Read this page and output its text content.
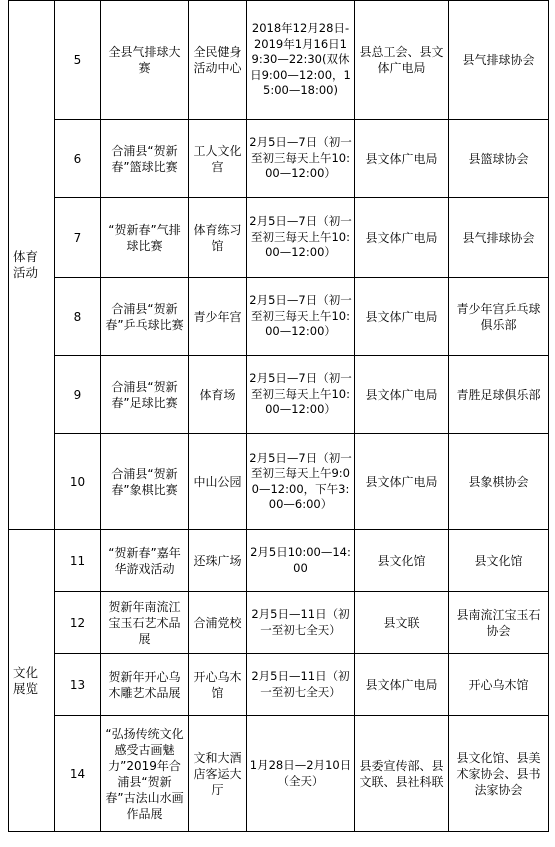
体育
活动	5	全县气排球大赛	全民健身活动中心	2018年12月28日-2019年1月16日19:30—22:30(双休日9:00—12:00，15:00—18:00)	县总工会、县文体广电局	县气排球协会
	6	合浦县“贺新春”篮球比赛	工人文化宫	2月5日—7日（初一至初三每天上午10:00—12:00）	县文体广电局	县篮球协会
	7	“贺新春”气排球比赛	体育练习馆	2月5日—7日（初一至初三每天上午10:00—12:00）	县文体广电局	县气排球协会
	8	合浦县“贺新春”乒乓球比赛	青少年宫	2月5日—7日（初一至初三每天上午10:00—12:00）	县文体广电局	青少年宫乒乓球俱乐部
	9	合浦县“贺新春”足球比赛	体育场	2月5日—7日（初一至初三每天上午10:00—12:00）	县文体广电局	青胜足球俱乐部
	10	合浦县“贺新春”象棋比赛	中山公园	2月5日—7日（初一至初三每天上午9:00—12:00，下午3:00—6:00）	县文体广电局	县象棋协会

文化
展览	11	“贺新春”嘉年华游戏活动	还珠广场	2月5日10:00—14:00	县文化馆	县文化馆
	12	贺新年南流江宝玉石艺术品展	合浦党校	2月5日—11日（初一至初七全天）	县文联	县南流江宝玉石协会
	13	贺新年开心乌木雕艺术品展	开心乌木馆	2月5日—11日（初一至初七全天）	县文体广电局	开心乌木馆
	14	“弘扬传统文化 感受古画魅力”2019年合浦县“贺新春”古法山水画作品展	文和大酒店客运大厅	1月28日—2月10日（全天）	县委宣传部、县文联、县社科联	县文化馆、县美术家协会、县书法家协会
